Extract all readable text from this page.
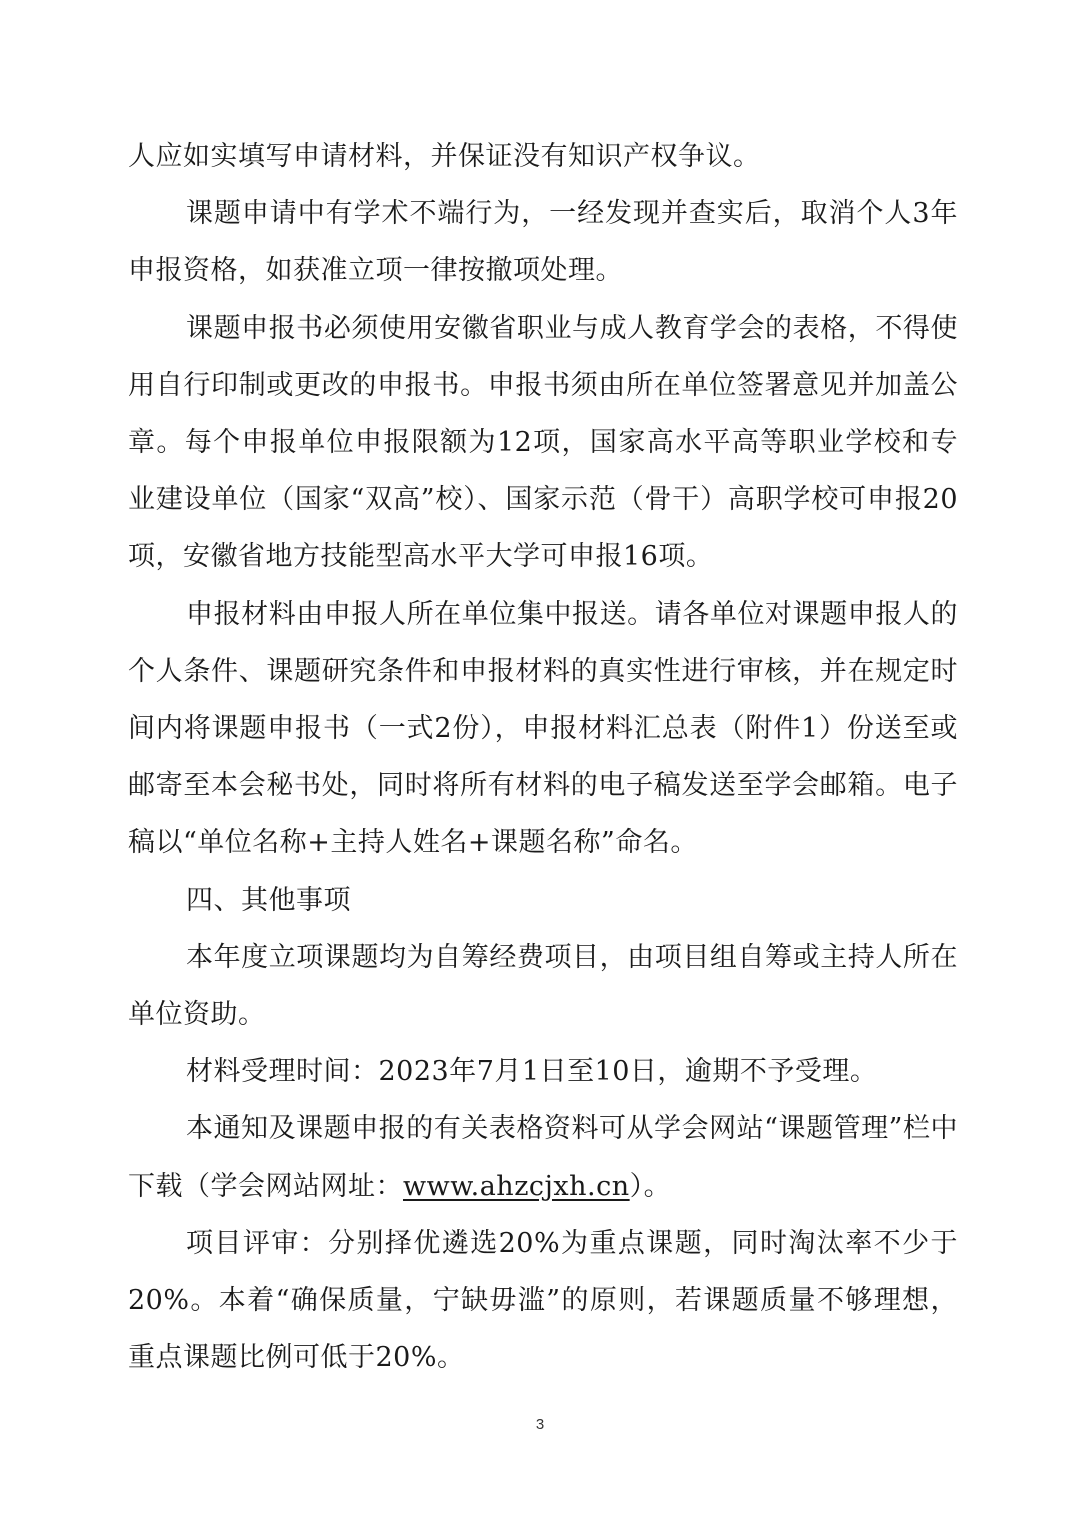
人应如实填写申请材料，并保证没有知识产权争议。

课题申请中有学术不端行为，一经发现并查实后，取消个人3年申报资格，如获准立项一律按撤项处理。

课题申报书必须使用安徽省职业与成人教育学会的表格，不得使用自行印制或更改的申报书。申报书须由所在单位签署意见并加盖公章。每个申报单位申报限额为12项，国家高水平高等职业学校和专业建设单位（国家“双高”校）、国家示范（骨干）高职学校可申报20项，安徽省地方技能型高水平大学可申报16项。

申报材料由申报人所在单位集中报送。请各单位对课题申报人的个人条件、课题研究条件和申报材料的真实性进行审核，并在规定时间内将课题申报书（一式2份），申报材料汇总表（附件1）份送至或邮寄至本会秘书处，同时将所有材料的电子稿发送至学会邮箱。电子稿以“单位名称+主持人姓名+课题名称”命名。

四、其他事项

本年度立项课题均为自筹经费项目，由项目组自筹或主持人所在单位资助。

材料受理时间：2023年7月1日至10日，逾期不予受理。

本通知及课题申报的有关表格资料可从学会网站“课题管理”栏中下载（学会网站网址：www.ahzcjxh.cn）。

项目评审：分别择优遴选20%为重点课题，同时淘汰率不少于20%。本着“确保质量，宁缺毋滥”的原则，若课题质量不够理想，重点课题比例可低于20%。

3
